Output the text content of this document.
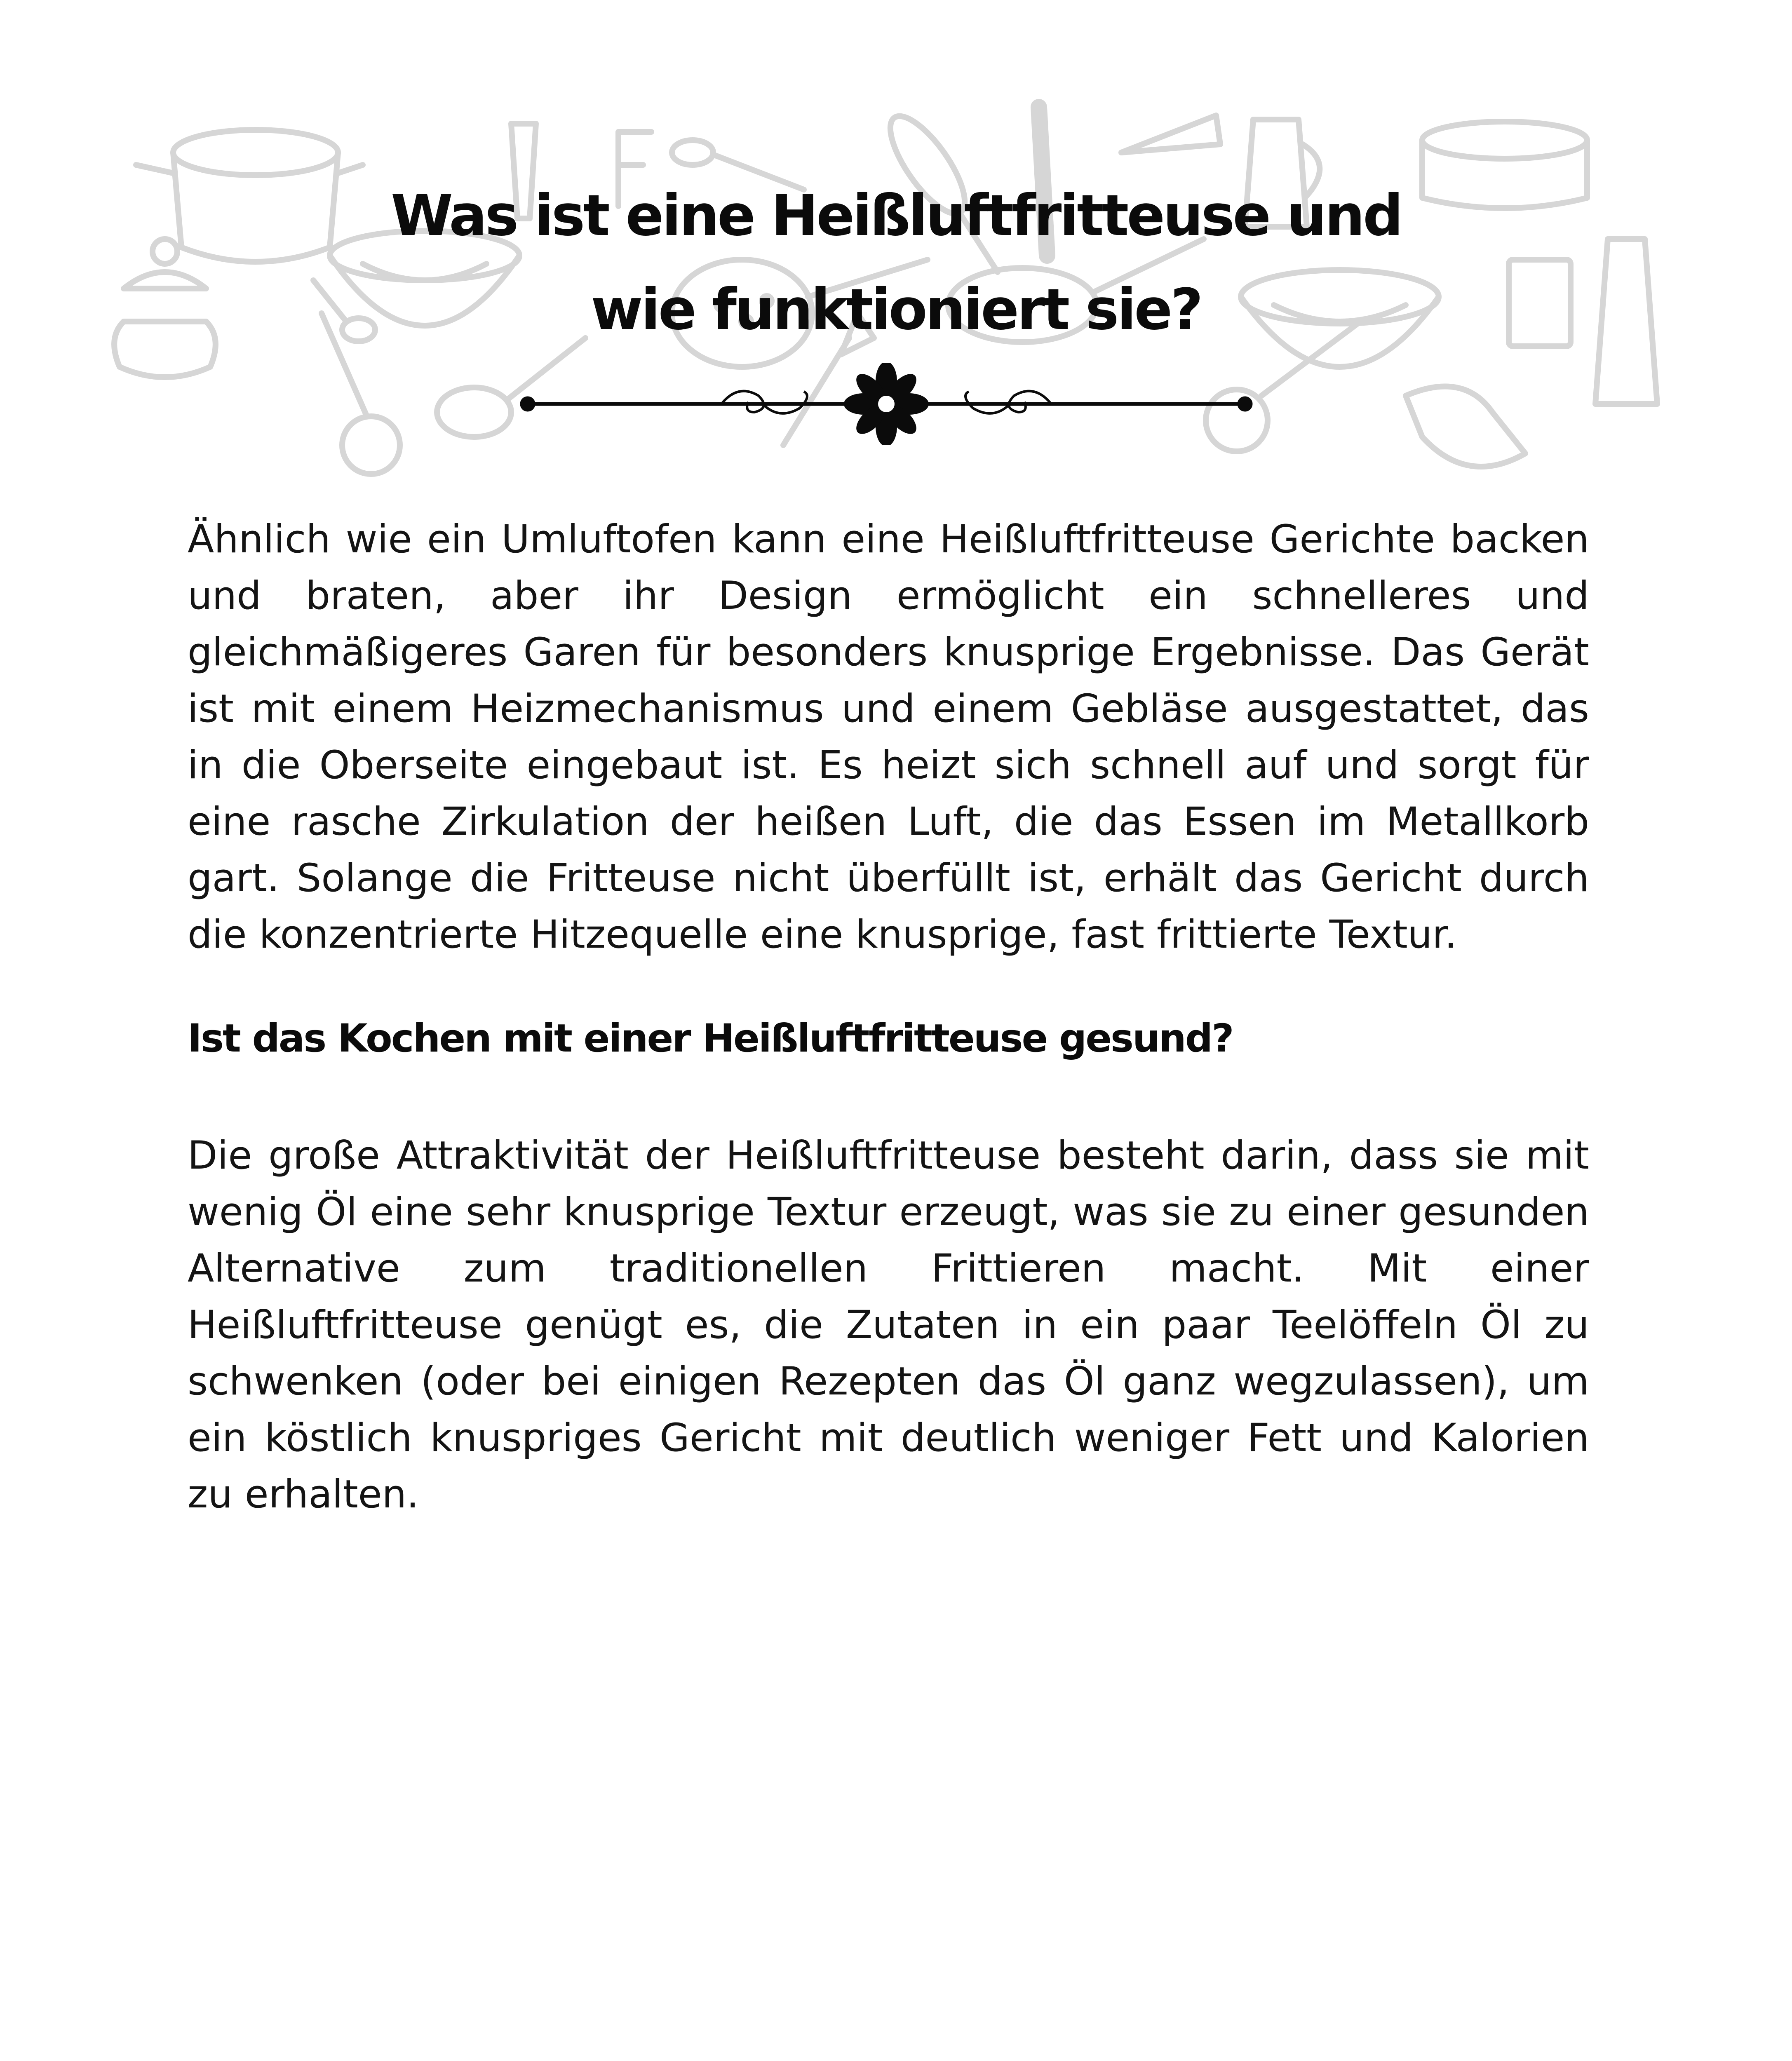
Was ist eine Heißluftfritteuse und
wie funktioniert sie?

Ähnlich wie ein Umluftofen kann eine Heißluftfritteuse Gerichte backen und braten, aber ihr Design ermöglicht ein schnelleres und gleichmäßigeres Garen für besonders knusprige Ergebnisse. Das Gerät ist mit einem Heizmechanismus und einem Gebläse ausgestattet, das in die Oberseite eingebaut ist. Es heizt sich schnell auf und sorgt für eine rasche Zirkulation der heißen Luft, die das Essen im Metallkorb gart. Solange die Fritteuse nicht überfüllt ist, erhält das Gericht durch die konzentrierte Hitzequelle eine knusprige, fast frittierte Textur.

Ist das Kochen mit einer Heißluftfritteuse gesund?

Die große Attraktivität der Heißluftfritteuse besteht darin, dass sie mit wenig Öl eine sehr knusprige Textur erzeugt, was sie zu einer gesunden Alternative zum traditionellen Frittieren macht. Mit einer Heißluftfritteuse genügt es, die Zutaten in ein paar Teelöffeln Öl zu schwenken (oder bei einigen Rezepten das Öl ganz wegzulassen), um ein köstlich knuspriges Gericht mit deutlich weniger Fett und Kalorien zu erhalten.
